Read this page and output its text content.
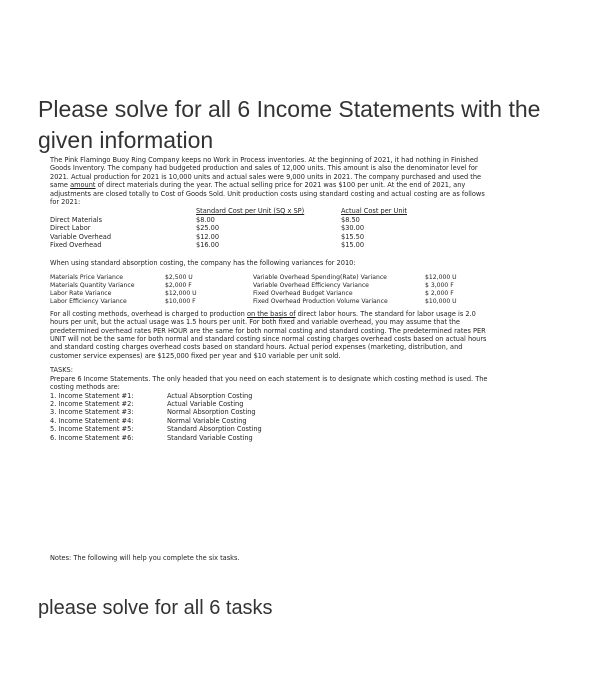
Please solve for all 6 Income Statements with the given information

The Pink Flamingo Buoy Ring Company keeps no Work in Process inventories. At the beginning of 2021, it had nothing in Finished Goods Inventory. The company had budgeted production and sales of 12,000 units. This amount is also the denominator level for 2021. Actual production for 2021 is 10,000 units and actual sales were 9,000 units in 2021. The company purchased and used the same amount of direct materials during the year. The actual selling price for 2021 was $100 per unit. At the end of 2021, any adjustments are closed totally to Cost of Goods Sold. Unit production costs using standard costing and actual costing are as follows for 2021:

Standard Cost per Unit (SQ x SP)	Actual Cost per Unit
Direct Materials	$8.00	$8.50
Direct Labor	$25.00	$30.00
Variable Overhead	$12.00	$15.50
Fixed Overhead	$16.00	$15.00

When using standard absorption costing, the company has the following variances for 2010:

Materials Price Variance	$2,500 U	Variable Overhead Spending(Rate) Variance	$12,000 U
Materials Quantity Variance	$2,000 F	Variable Overhead Efficiency Variance	$ 3,000 F
Labor Rate Variance	$12,000 U	Fixed Overhead Budget Variance	$ 2,000 F
Labor Efficiency Variance	$10,000 F	Fixed Overhead Production Volume Variance	$10,000 U

For all costing methods, overhead is charged to production on the basis of direct labor hours. The standard for labor usage is 2.0 hours per unit, but the actual usage was 1.5 hours per unit. For both fixed and variable overhead, you may assume that the predetermined overhead rates PER HOUR are the same for both normal costing and standard costing. The predetermined rates PER UNIT will not be the same for both normal and standard costing since normal costing charges overhead costs based on actual hours and standard costing charges overhead costs based on standard hours. Actual period expenses (marketing, distribution, and customer service expenses) are $125,000 fixed per year and $10 variable per unit sold.

TASKS:

Prepare 6 Income Statements. The only headed that you need on each statement is to designate which costing method is used. The costing methods are:

1. Income Statement #1:	Actual Absorption Costing
2. Income Statement #2:	Actual Variable Costing
3. Income Statement #3:	Normal Absorption Costing
4. Income Statement #4:	Normal Variable Costing
5. Income Statement #5:	Standard Absorption Costing
6. Income Statement #6:	Standard Variable Costing

Notes: The following will help you complete the six tasks.

please solve for all 6 tasks
